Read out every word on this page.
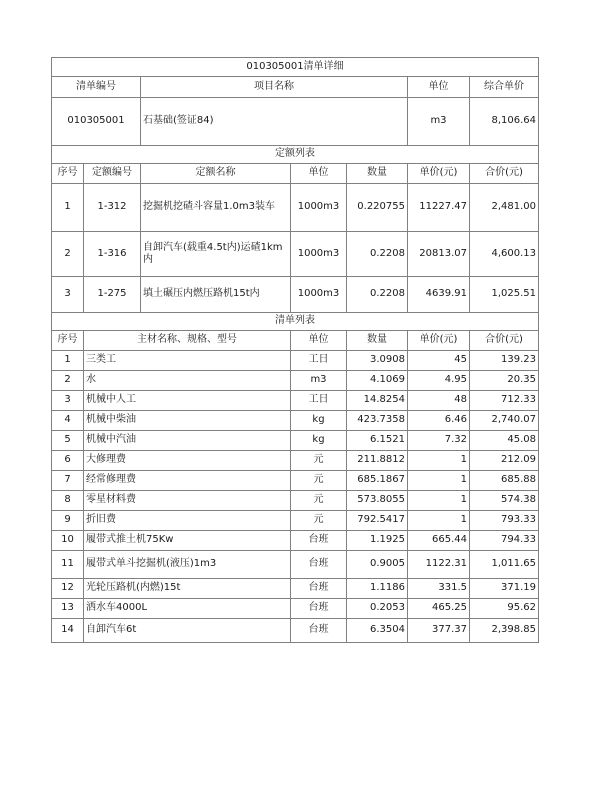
010305001清单详细						
清单编号		项目名称			单位	综合单价
010305001		石基础(签证84)			m3	8,106.64
定额列表						
序号	定额编号	定额名称	单位	数量	单价(元)	合价(元)
1	1-312	挖掘机挖碴斗容量1.0m3装车	1000m3	0.220755	11227.47	2,481.00
2	1-316	自卸汽车(载重4.5t内)运碴1km内	1000m3	0.2208	20813.07	4,600.13
3	1-275	填土碾压内燃压路机15t内	1000m3	0.2208	4639.91	1,025.51
清单列表						
序号	主材名称、规格、型号		单位	数量	单价(元)	合价(元)
1	三类工		工日	3.0908	45	139.23
2	水		m3	4.1069	4.95	20.35
3	机械中人工		工日	14.8254	48	712.33
4	机械中柴油		kg	423.7358	6.46	2,740.07
5	机械中汽油		kg	6.1521	7.32	45.08
6	大修理费		元	211.8812	1	212.09
7	经常修理费		元	685.1867	1	685.88
8	零星材料费		元	573.8055	1	574.38
9	折旧费		元	792.5417	1	793.33
10	履带式推土机75Kw		台班	1.1925	665.44	794.33
11	履带式单斗挖掘机(液压)1m3		台班	0.9005	1122.31	1,011.65
12	光轮压路机(内燃)15t		台班	1.1186	331.5	371.19
13	洒水车4000L		台班	0.2053	465.25	95.62
14	自卸汽车6t		台班	6.3504	377.37	2,398.85
